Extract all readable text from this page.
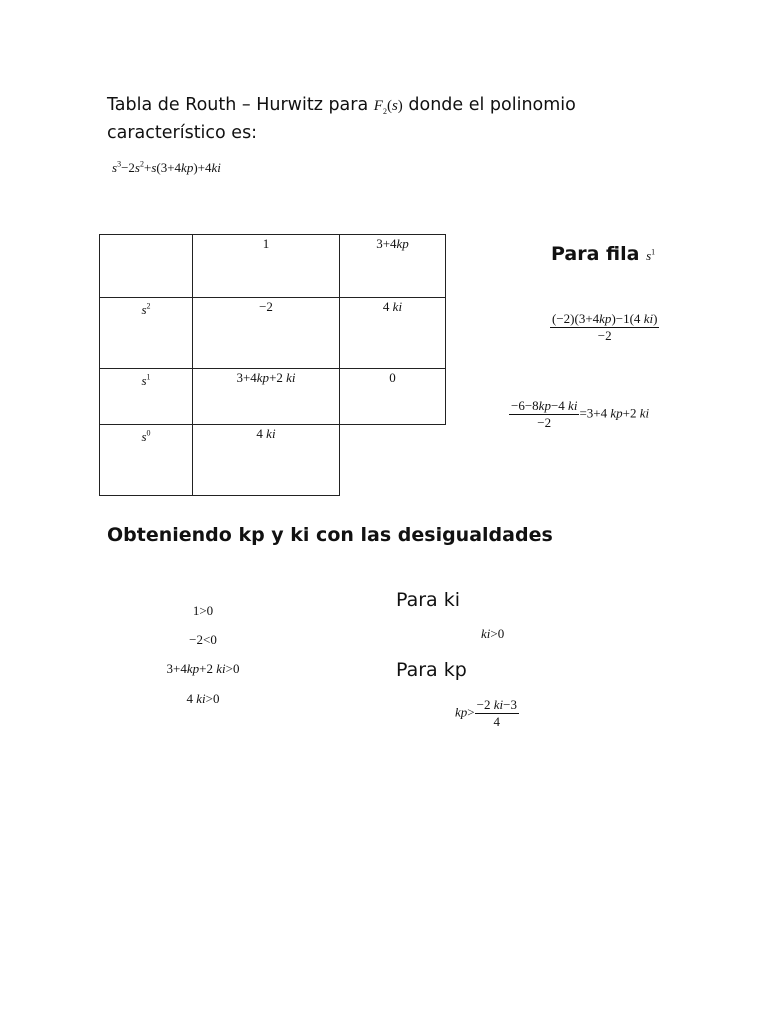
Tabla de Routh – Hurwitz para $F_2(s)$ donde el polinomio
característico es:
$s^3-2s^2+s(3+4kp)+4ki$

	1	3+4kp

$s^2$	−2	4 ki

$s^1$	3+4kp+2 ki	0

$s^0$	4 ki	

Para fila $s^1$
$\frac{(-2)(3+4kp)-1(4 ki)}{-2}$
$\frac{-6-8kp-4 ki}{-2} =3+4$ kp+2 ki
Obteniendo kp y ki con las desigualdades
1>0
−2<0
3+4kp+2 ki>0
4 ki>0
Para ki
ki>0
Para kp
$kp> \frac{-2 ki-3}{4}$
